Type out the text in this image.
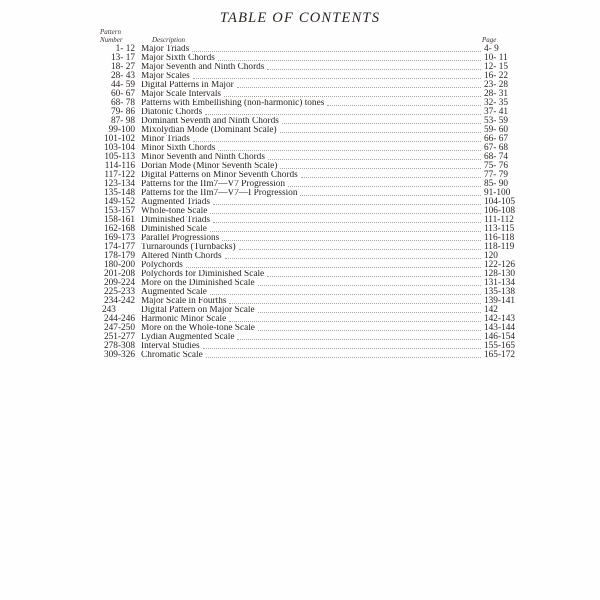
TABLE OF CONTENTS
Pattern
Number	Description	Page
1- 12 Major Triads	4- 9
13- 17 Major Sixth Chords	10- 11
18- 27 Major Seventh and Ninth Chords	12- 15
28- 43 Major Scales	16- 22
44- 59 Digital Patterns in Major	23- 28
60- 67 Major Scale Intervals	28- 31
68- 78 Patterns with Embellishing (non-harmonic) tones	32- 35
79- 86 Diatonic Chords	37- 41
87- 98 Dominant Seventh and Ninth Chords	53- 59
99-100 Mixolydian Mode (Dominant Scale)	59- 60
101-102 Minor Triads	66- 67
103-104 Minor Sixth Chords	67- 68
105-113 Minor Seventh and Ninth Chords	68- 74
114-116 Dorian Mode (Minor Seventh Scale)	75- 76
117-122 Digital Patterns on Minor Seventh Chords	77- 79
123-134 Patterns for the IIm7—V7 Progression	85- 90
135-148 Patterns for the IIm7—V7—I Progression	91-100
149-152 Augmented Triads	104-105
153-157 Whole-tone Scale	106-108
158-161 Diminished Triads	111-112
162-168 Diminished Scale	113-115
169-173 Parallel Progressions	116-118
174-177 Turnarounds (Turnbacks)	118-119
178-179 Altered Ninth Chords	120
180-200 Polychords	122-126
201-208 Polychords for Diminished Scale	128-130
209-224 More on the Diminished Scale	131-134
225-233 Augmented Scale	135-138
234-242 Major Scale in Fourths	139-141
243	Digital Pattern on Major Scale	142
244-246 Harmonic Minor Scale	142-143
247-250 More on the Whole-tone Scale	143-144
251-277 Lydian Augmented Scale	146-154
278-308 Interval Studies	155-165
309-326 Chromatic Scale	165-172
